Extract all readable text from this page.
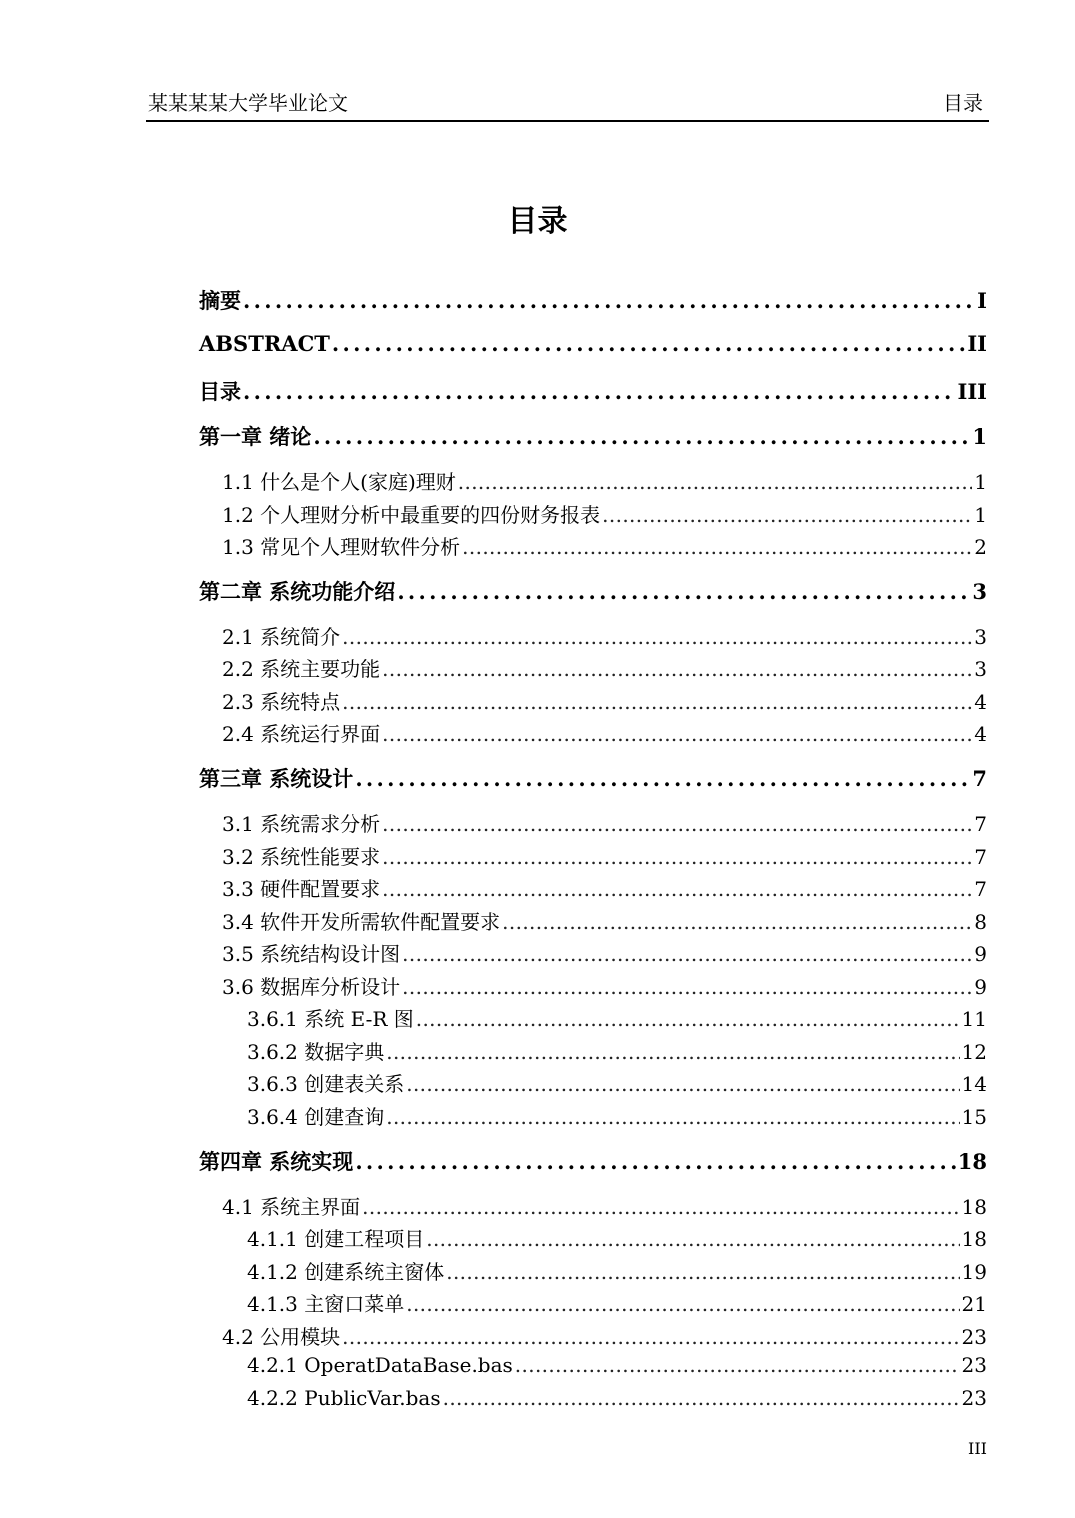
某某某某大学毕业论文	目录
目录
摘要 . . .	I
ABSTRACT . . .	II
目录 . . .	III
第一章 绪论 . . .	1
1.1 什么是个人(家庭)理财 . . .	1
1.2 个人理财分析中最重要的四份财务报表 . . .	1
1.3 常见个人理财软件分析 . . .	2
第二章 系统功能介绍 . . .	3
2.1 系统简介 . . .	3
2.2 系统主要功能 . . .	3
2.3 系统特点 . . .	4
2.4 系统运行界面 . . .	4
第三章 系统设计 . . .	7
3.1 系统需求分析 . . .	7
3.2 系统性能要求 . . .	7
3.3 硬件配置要求 . . .	7
3.4 软件开发所需软件配置要求 . . .	8
3.5 系统结构设计图 . . .	9
3.6 数据库分析设计 . . .	9
3.6.1 系统 E-R 图 . . .	11
3.6.2 数据字典 . . .	12
3.6.3 创建表关系 . . .	14
3.6.4 创建查询 . . .	15
第四章 系统实现 . . .	18
4.1 系统主界面 . . .	18
4.1.1 创建工程项目 . . .	18
4.1.2 创建系统主窗体 . . .	19
4.1.3 主窗口菜单 . . .	21
4.2 公用模块 . . .	23
4.2.1 OperatDataBase.bas . . .	23
4.2.2 PublicVar.bas . . .	23
III
